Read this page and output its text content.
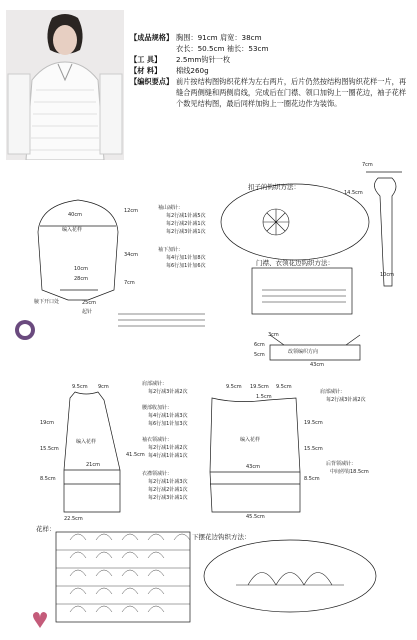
【成品规格】 胸围：91cm 肩宽：38cm
衣长：50.5cm 袖长：53cm
【工 具】	2.5mm钩针一枚
【材 料】	棉线260g
【编织要点】 前片按结构图钩织花样为左右两片，后片仍然按结构图钩织花样一片，再缝合两侧缝和两侧肩线，完成后在门襟、领口加钩上一圈花边，袖子花样个数见结构图，最后同样加钩上一圈花边作为装饰。
扣子的钩织方法：
门襟、衣领花边钩织方法：
下摆花边钩织方法：
花样：
编入花样
编入花样	编入花样
改领编织方向
袖山减针：
每2行减1针减5次
每2行减2针减1次
每2行减3针减1次
袖下加针：
每4行加1针加8次
每6行加1针加6次
肩部减针：
每2行减3针减2次
腰部收加针：
每4行减1针减3次
每6行加1针加3次
袖衣领减针：
每2行减1针减2次
每4行减1针减1次
衣襟领减针：
每2行减1针减3次
每2行减2针减1次
每2行减3针减1次
肩部减针：
每2行减3针减2次
后背领减针：
中间停钩18.5cm
腋下开口处
40cm
12cm
34cm
7cm
10cm
28cm
25cm
起针
9.5cm 9cm
19cm
15.5cm
21cm
8.5cm
22.5cm
41.5cm
9.5cm 19.5cm 9.5cm
1.5cm
43cm
19.5cm
15.5cm
8.5cm
45.5cm
3cm
6cm
5cm
43cm
7cm
14.5cm
10cm
28
